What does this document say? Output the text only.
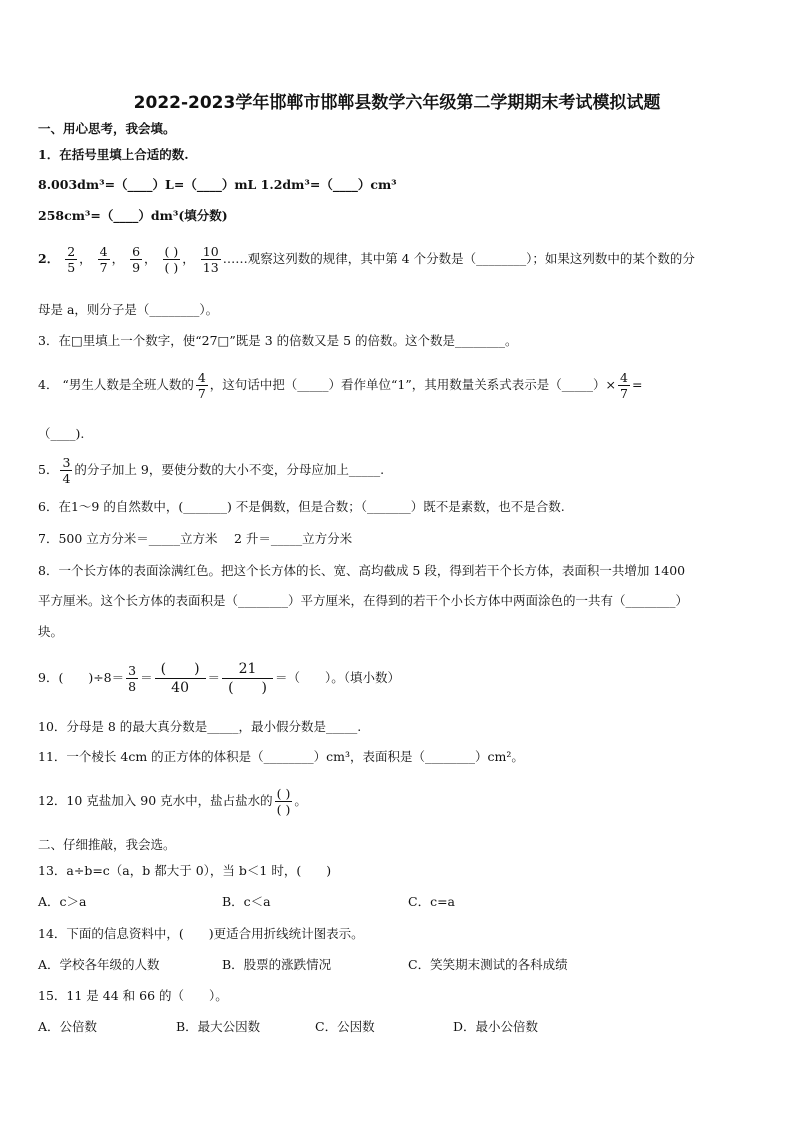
2022-2023学年邯郸市邯郸县数学六年级第二学期期末考试模拟试题
一、用心思考，我会填。
1．在括号里填上合适的数.
8.003dm³=（____）L=（____）mL 1.2dm³=（____）cm³
258cm³=（____）dm³(填分数)
2． $\frac{2}{5}$ ， $\frac{4}{7}$ ， $\frac{6}{9}$ ， $\frac{( )}{( )}$ ， $\frac{10}{13}$ ……观察这列数的规律，其中第 4 个分数是（________）；如果这列数中的某个数的分
母是 a，则分子是（________）。
3．在□里填上一个数字，使“27□”既是 3 的倍数又是 5 的倍数。这个数是________。
4． “男生人数是全班人数的 $\frac{4}{7}$ ，这句话中把（_____）看作单位“1”，其用数量关系式表示是（_____）× $\frac{4}{7}$ =
（____).
5． $\frac{3}{4}$ 的分子加上 9，要使分数的大小不变，分母应加上_____.
6．在1～9 的自然数中，(_______) 不是偶数，但是合数；（_______）既不是素数，也不是合数.
7．500 立方分米＝_____立方米　 2 升＝_____立方分米
8．一个长方体的表面涂满红色。把这个长方体的长、宽、高均截成 5 段，得到若干个长方体，表面积一共增加 1400
平方厘米。这个长方体的表面积是（________）平方厘米，在得到的若干个小长方体中两面涂色的一共有（________）
块。
9．(　　)$\div 8= \frac{3}{8} = \frac{( )}{40} = \frac{21}{( )}$ ＝（　　）。（填小数）
10．分母是 8 的最大真分数是_____，最小假分数是_____.
11．一个棱长 4cm 的正方体的体积是（________）cm³，表面积是（________）cm²。
12．10 克盐加入 90 克水中，盐占盐水的 $\frac{( )}{( )}$ 。
二、仔细推敲，我会选。
13．a÷b=c（a，b 都大于 0），当 b＜1 时，(　　)
A．c＞a	B．c＜a	C．c=a
14．下面的信息资料中，(　　)更适合用折线统计图表示。
A．学校各年级的人数	B．股票的涨跌情况	C．笑笑期末测试的各科成绩
15．11 是 44 和 66 的（　　）。
A．公倍数	B．最大公因数	C．公因数	D．最小公倍数
